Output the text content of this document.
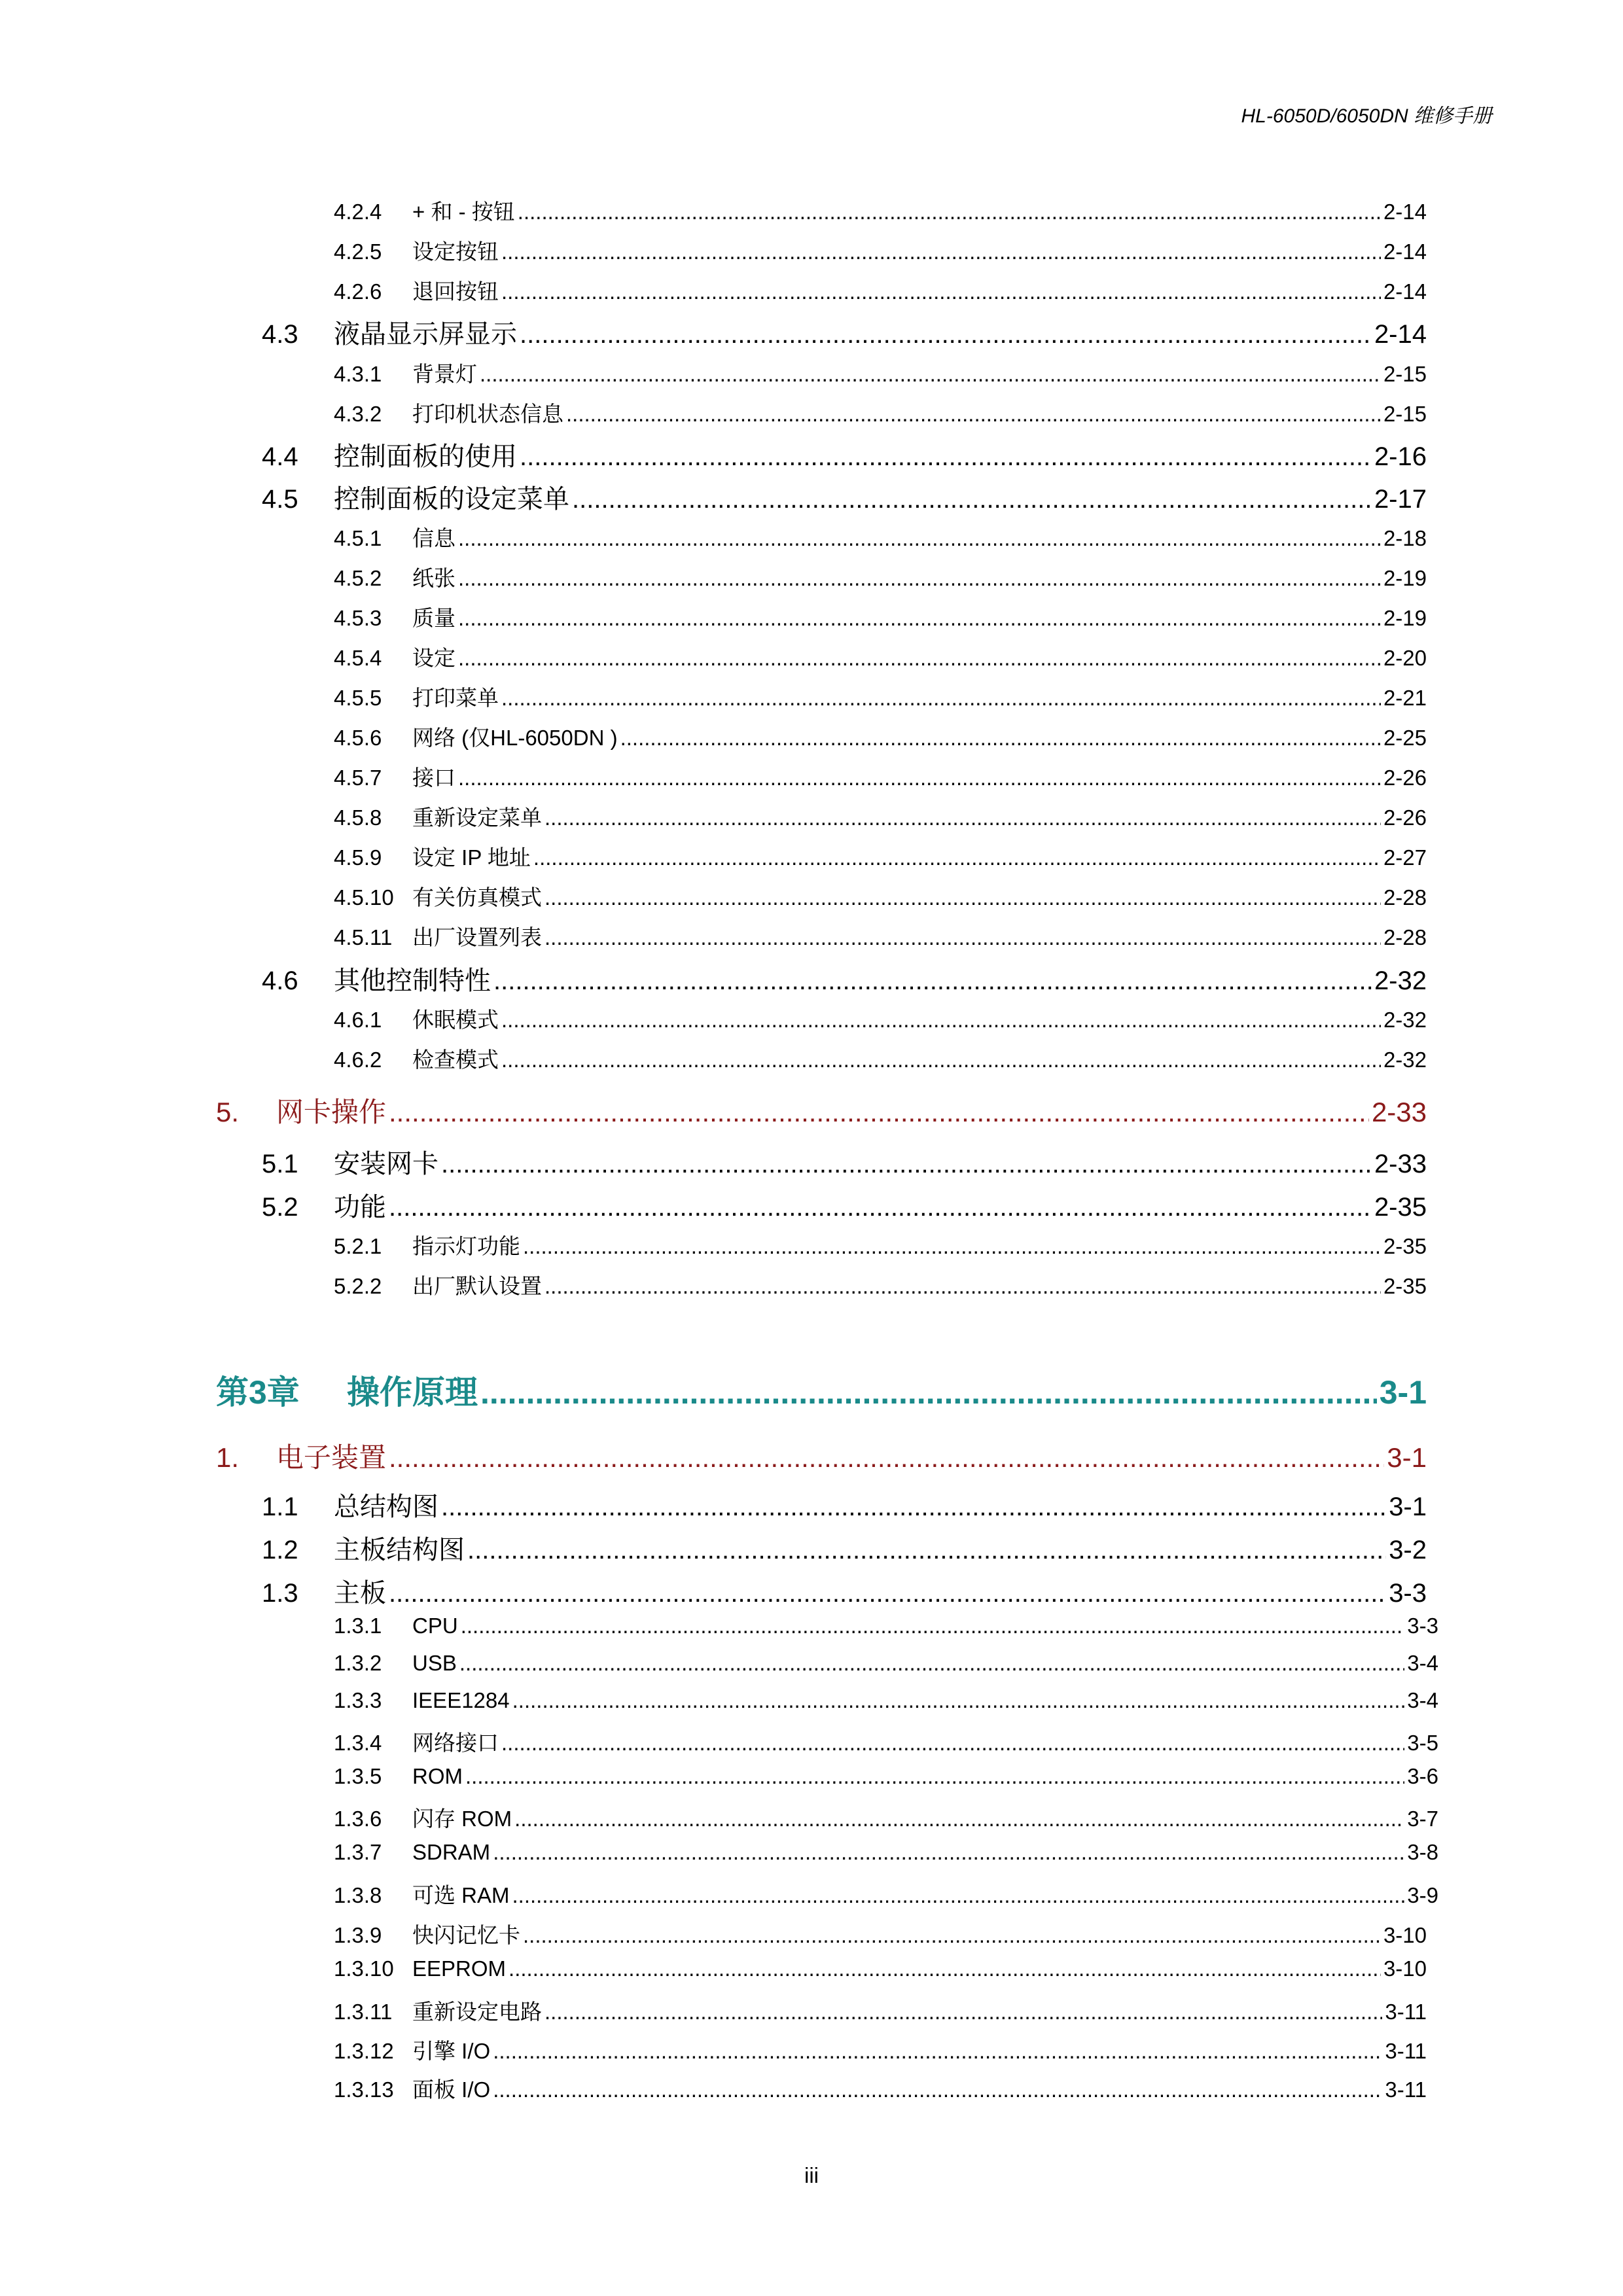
HL-6050D/6050DN 维修手册
4.2.4	+ 和 - 按钮 .....	2-14
4.2.5	设定按钮 .....	2-14
4.2.6	退回按钮 .....	2-14
4.3	液晶显示屏显示 .....	2-14
4.3.1	背景灯 .....	2-15
4.3.2	打印机状态信息 .....	2-15
4.4	控制面板的使用 .....	2-16
4.5	控制面板的设定菜单 .....	2-17
4.5.1	信息 .....	2-18
4.5.2	纸张 .....	2-19
4.5.3	质量 .....	2-19
4.5.4	设定 .....	2-20
4.5.5	打印菜单 .....	2-21
4.5.6	网络 (仅HL-6050DN ) .....	2-25
4.5.7	接口 .....	2-26
4.5.8	重新设定菜单 .....	2-26
4.5.9	设定 IP 地址 .....	2-27
4.5.10 有关仿真模式 .....	2-28
4.5.11 出厂设置列表 .....	2-28
4.6	其他控制特性 .....	2-32
4.6.1	休眠模式 .....	2-32
4.6.2	检查模式 .....	2-32
5.	网卡操作 .....	2-33
5.1	安装网卡 .....	2-33
5.2	功能 .....	2-35
5.2.1	指示灯功能 .....	2-35
5.2.2	出厂默认设置 .....	2-35
第3章	操作原理 .....	3-1
1.	电子装置 .....	3-1
1.1	总结构图 .....	3-1
1.2	主板结构图 .....	3-2
1.3	主板 .....	3-3
1.3.1	CPU .....	3-3
1.3.2	USB .....	3-4
1.3.3	IEEE1284 .....	3-4
1.3.4	网络接口 .....	3-5
1.3.5	ROM .....	3-6
1.3.6	闪存 ROM .....	3-7
1.3.7	SDRAM .....	3-8
1.3.8	可选 RAM .....	3-9
1.3.9	快闪记忆卡 .....	3-10
1.3.10 EEPROM .....	3-10
1.3.11 重新设定电路 .....	3-11
1.3.12 引擎 I/O .....	3-11
1.3.13 面板 I/O .....	3-11
iii
